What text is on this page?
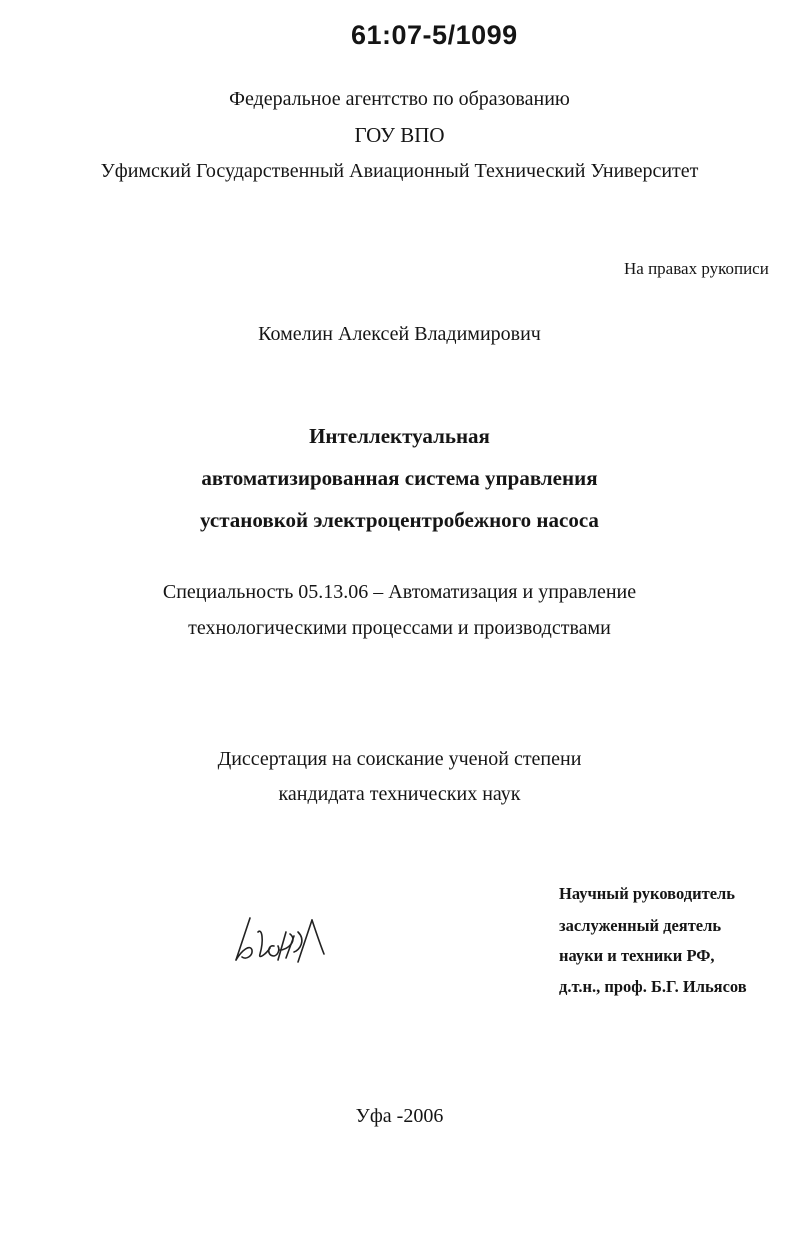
61:07-5/1099
Федеральное агентство по образованию
ГОУ ВПО
Уфимский Государственный Авиационный Технический Университет
На правах рукописи
Комелин Алексей Владимирович
Интеллектуальная
автоматизированная система управления
установкой электроцентробежного насоса
Специальность 05.13.06 – Автоматизация и управление
технологическими процессами и производствами
Диссертация на соискание ученой степени
кандидата технических наук
Научный руководитель
заслуженный деятель
науки и техники РФ,
д.т.н., проф. Б.Г. Ильясов
Уфа -2006
